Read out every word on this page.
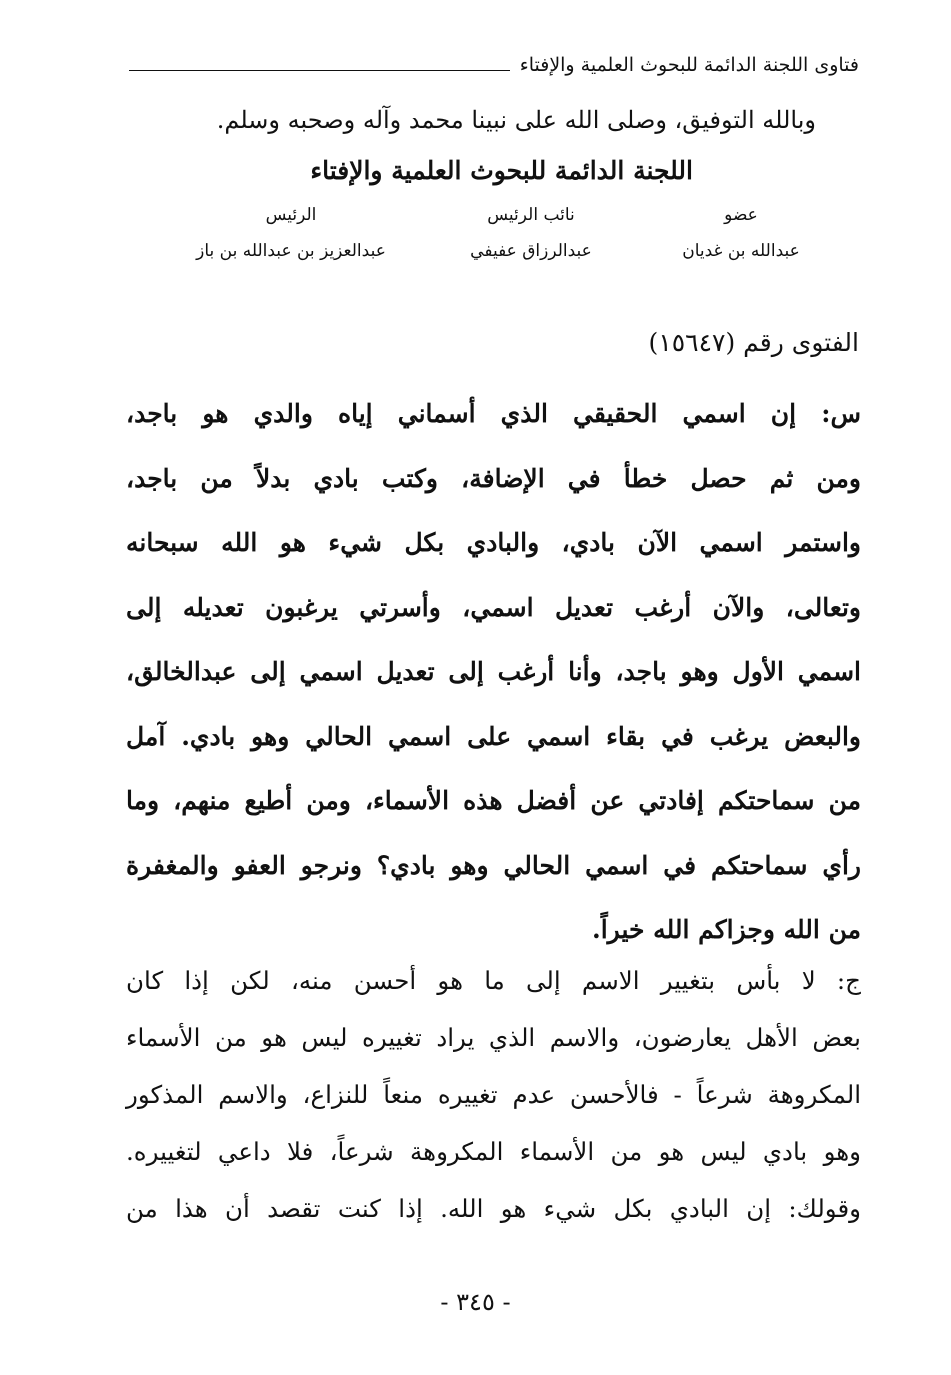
فتاوى اللجنة الدائمة للبحوث العلمية والإفتاء
وبالله التوفيق، وصلى الله على نبينا محمد وآله وصحبه وسلم.
اللجنة الدائمة للبحوث العلمية والإفتاء
عضو
عبدالله بن غديان
نائب الرئيس
عبدالرزاق عفيفي
الرئيس
عبدالعزيز بن عبدالله بن باز
الفتوى رقم (١٥٦٤٧)
س: إن اسمي الحقيقي الذي أسماني إياه والدي هو باجد،
ومن ثم حصل خطأ في الإضافة، وكتب بادي بدلاً من باجد،
واستمر اسمي الآن بادي، والبادي بكل شيء هو الله سبحانه
وتعالى، والآن أرغب تعديل اسمي، وأسرتي يرغبون تعديله إلى
اسمي الأول وهو باجد، وأنا أرغب إلى تعديل اسمي إلى عبدالخالق،
والبعض يرغب في بقاء اسمي على اسمي الحالي وهو بادي. آمل
من سماحتكم إفادتي عن أفضل هذه الأسماء، ومن أطيع منهم، وما
رأي سماحتكم في اسمي الحالي وهو بادي؟ ونرجو العفو والمغفرة
من الله وجزاكم الله خيراً.
ج: لا بأس بتغيير الاسم إلى ما هو أحسن منه، لكن إذا كان
بعض الأهل يعارضون، والاسم الذي يراد تغييره ليس هو من الأسماء
المكروهة شرعاً - فالأحسن عدم تغييره منعاً للنزاع، والاسم المذكور
وهو بادي ليس هو من الأسماء المكروهة شرعاً، فلا داعي لتغييره.
وقولك: إن البادي بكل شيء هو الله. إذا كنت تقصد أن هذا من
- ٣٤٥ -
